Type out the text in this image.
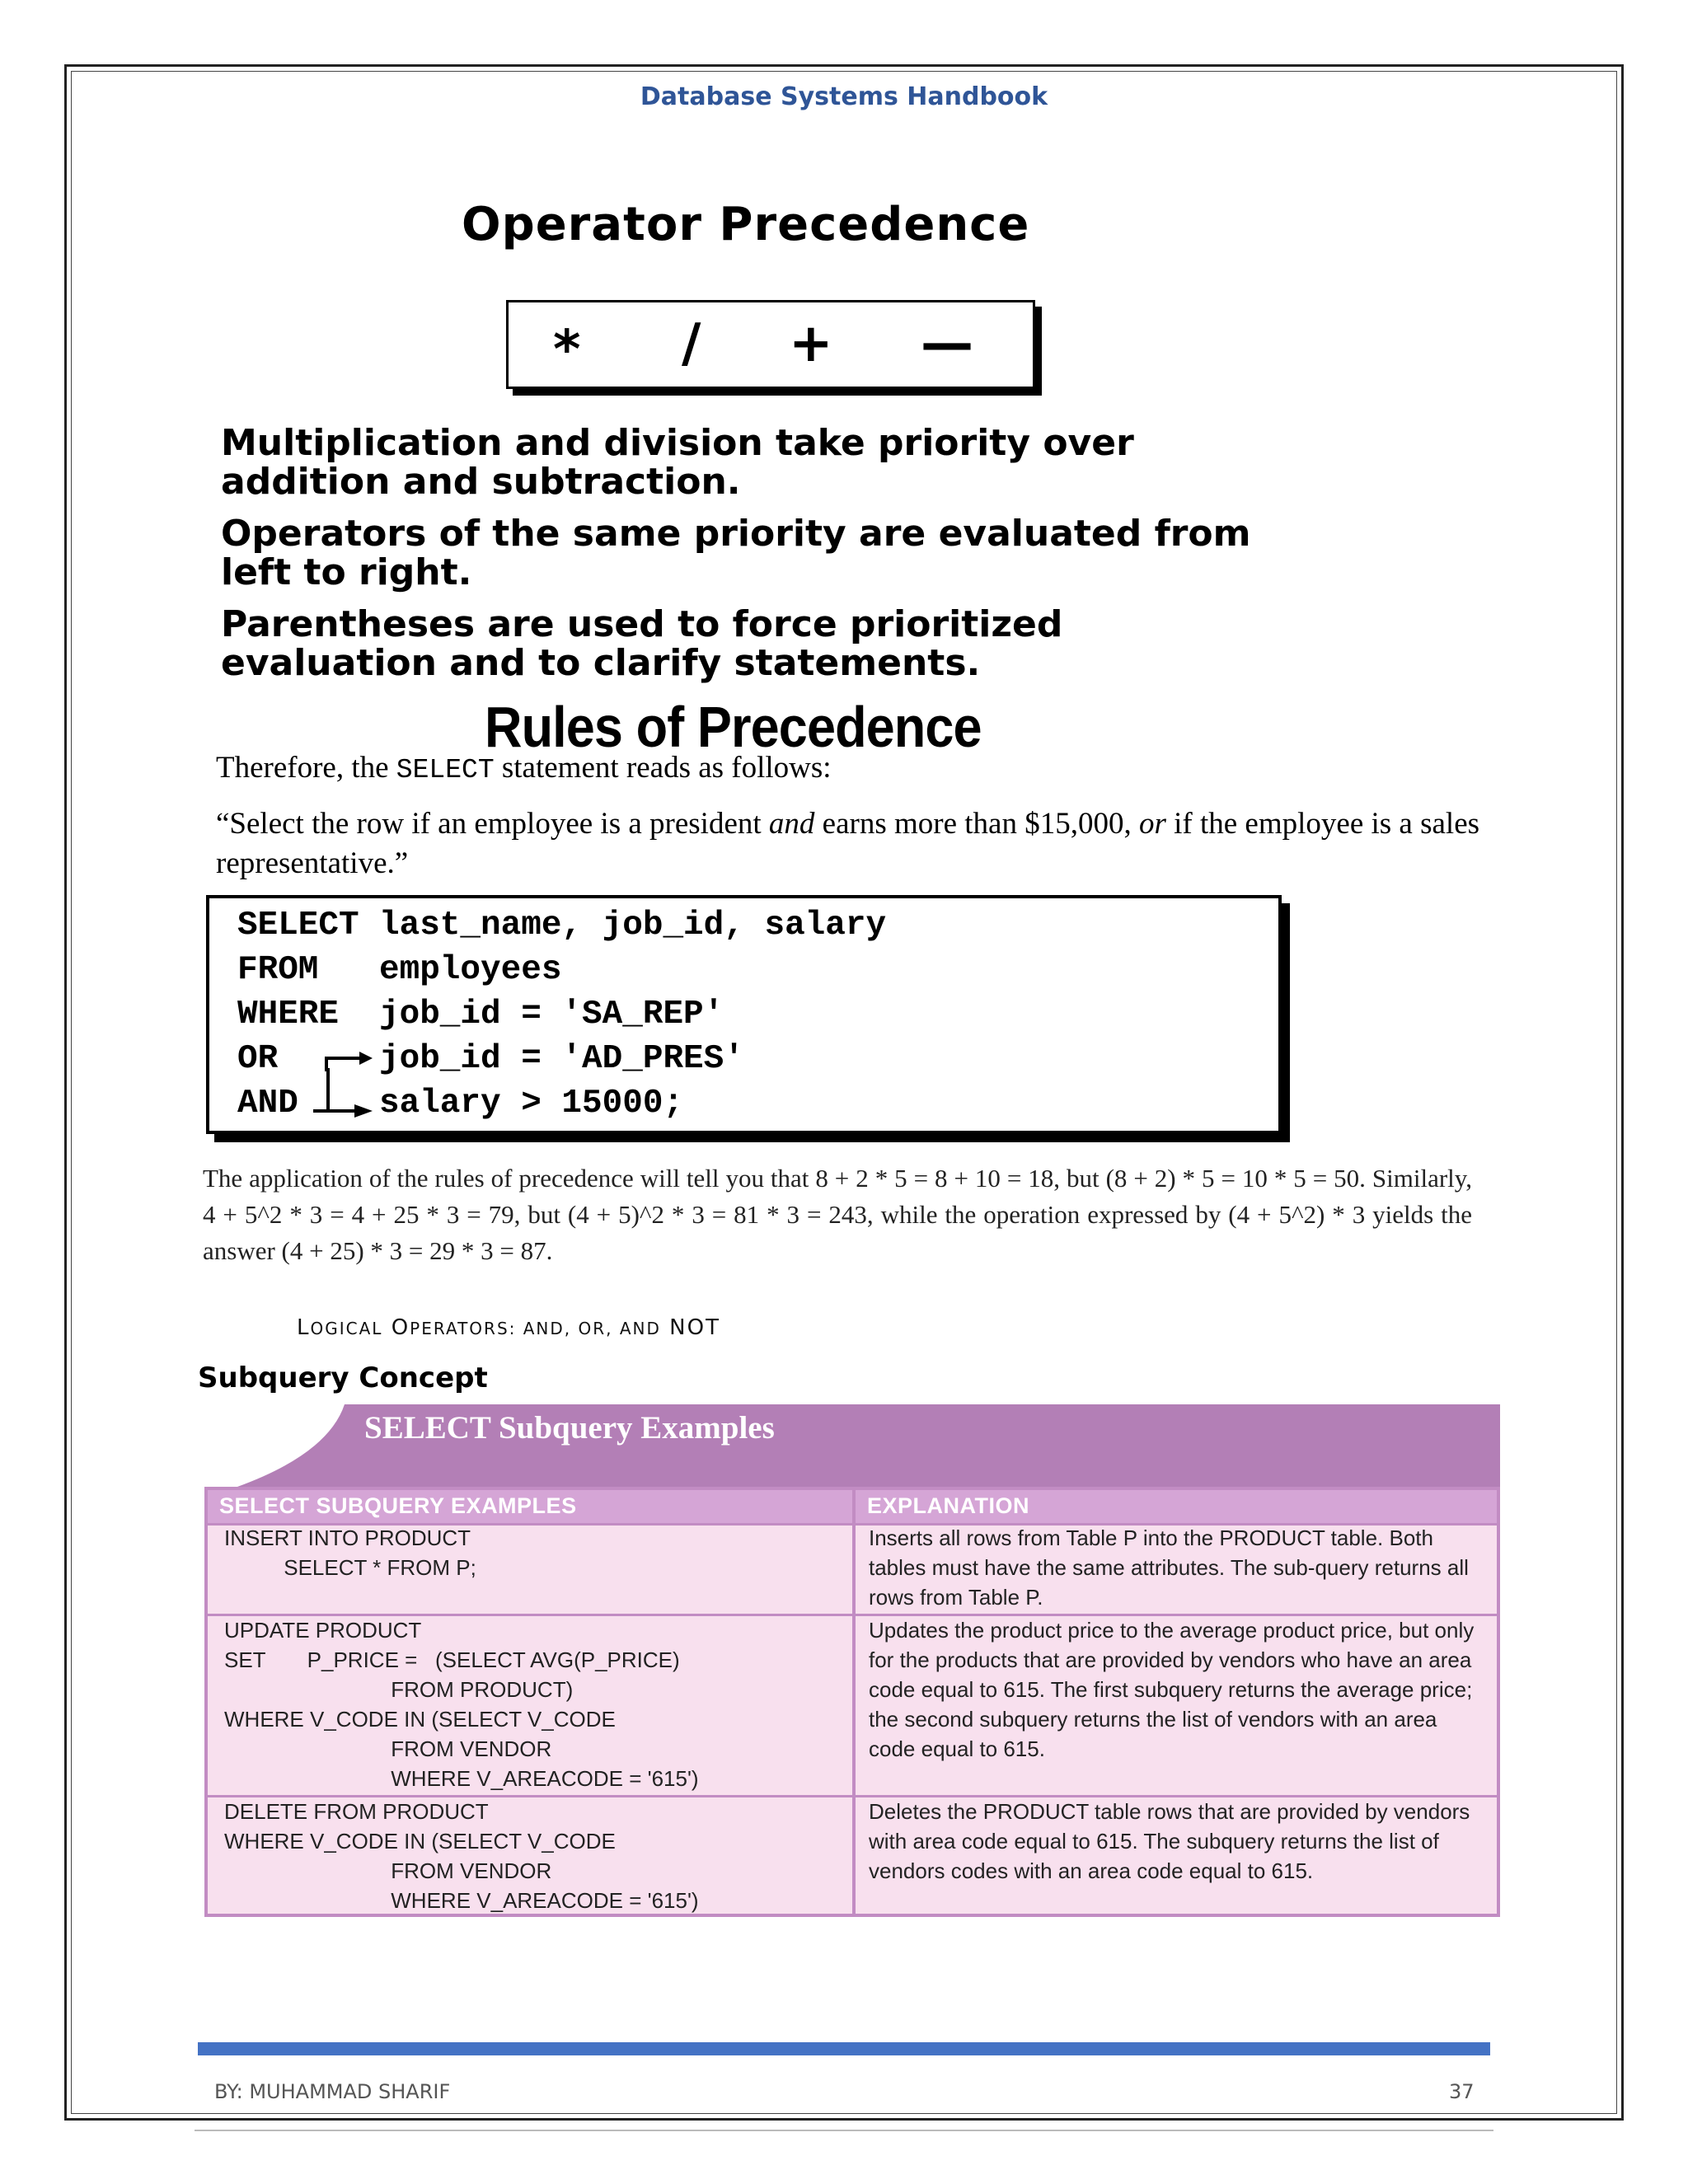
Database Systems Handbook
Operator Precedence
* / + —
Multiplication and division take priority over
addition and subtraction.
Operators of the same priority are evaluated from
left to right.
Parentheses are used to force prioritized
evaluation and to clarify statements.
Rules of Precedence
Therefore, the SELECT statement reads as follows:
“Select the row if an employee is a president and earns more than $15,000, or if the employee is a sales representative.”
SELECT last_name, job_id, salary
FROM employees
WHERE job_id = 'SA_REP'
OR	job_id = 'AD_PRES'
AND salary > 15000;
The application of the rules of precedence will tell you that 8 + 2 * 5 = 8 + 10 = 18, but (8 + 2) * 5 = 10 * 5 = 50. Similarly, 4 + 5^2 * 3 = 4 + 25 * 3 = 79, but (4 + 5)^2 * 3 = 81 * 3 = 243, while the operation expressed by (4 + 5^2) * 3 yields the answer (4 + 25) * 3 = 29 * 3 = 87.
LOGICAL OPERATORS: AND, OR, AND NOT
Subquery Concept
SELECT Subquery Examples
SELECT SUBQUERY EXAMPLES	EXPLANATION
INSERT INTO PRODUCT
SELECT * FROM P;
Inserts all rows from Table P into the PRODUCT table. Both tables must have the same attributes. The sub-query returns all rows from Table P.
UPDATE PRODUCT
SET       P_PRICE =   (SELECT AVG(P_PRICE)
FROM PRODUCT)
WHERE V_CODE IN (SELECT V_CODE
FROM VENDOR
WHERE V_AREACODE = '615')
Updates the product price to the average product price, but only for the products that are provided by vendors who have an area code equal to 615. The first subquery returns the average price; the second subquery returns the list of vendors with an area code equal to 615.
DELETE FROM PRODUCT
WHERE V_CODE IN (SELECT V_CODE
FROM VENDOR
WHERE V_AREACODE = '615')
Deletes the PRODUCT table rows that are provided by vendors with area code equal to 615. The subquery returns the list of vendors codes with an area code equal to 615.
BY: MUHAMMAD SHARIF	37
